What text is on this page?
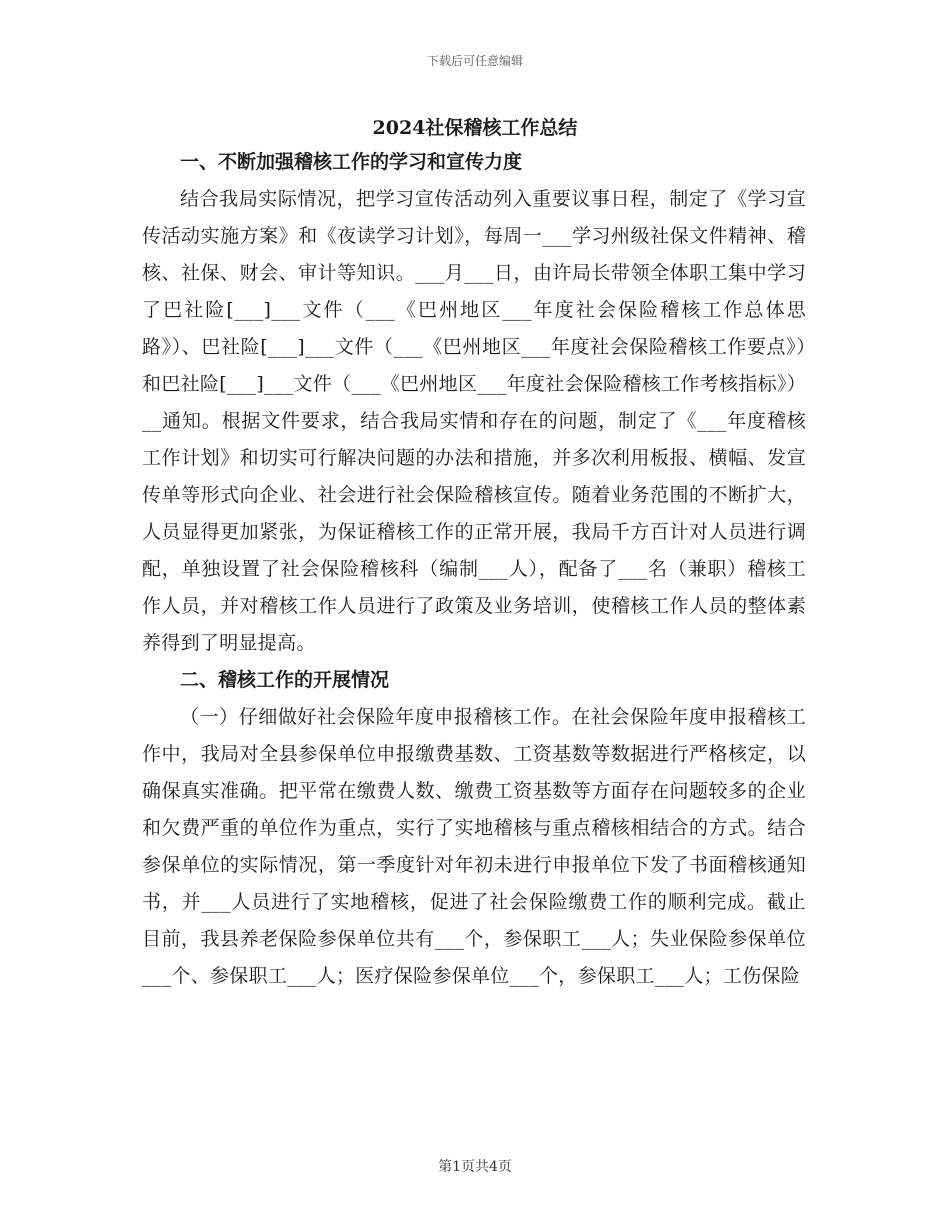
下载后可任意编辑
2024社保稽核工作总结
一、不断加强稽核工作的学习和宣传力度

结合我局实际情况，把学习宣传活动列入重要议事日程，制定了《学习宣传活动实施方案》和《夜读学习计划》，每周一___学习州级社保文件精神、稽核、社保、财会、审计等知识。___月___日，由许局长带领全体职工集中学习了巴社险[___]___文件（___《巴州地区___年度社会保险稽核工作总体思路》）、巴社险[___]___文件（___《巴州地区___年度社会保险稽核工作要点》）和巴社险[___]___文件（___《巴州地区___年度社会保险稽核工作考核指标》）__通知。根据文件要求，结合我局实情和存在的问题，制定了《___年度稽核工作计划》和切实可行解决问题的办法和措施，并多次利用板报、横幅、发宣传单等形式向企业、社会进行社会保险稽核宣传。随着业务范围的不断扩大，人员显得更加紧张，为保证稽核工作的正常开展，我局千方百计对人员进行调配，单独设置了社会保险稽核科（编制___人），配备了___名（兼职）稽核工作人员，并对稽核工作人员进行了政策及业务培训，使稽核工作人员的整体素养得到了明显提高。

二、稽核工作的开展情况

（一）仔细做好社会保险年度申报稽核工作。在社会保险年度申报稽核工作中，我局对全县参保单位申报缴费基数、工资基数等数据进行严格核定，以确保真实准确。把平常在缴费人数、缴费工资基数等方面存在问题较多的企业和欠费严重的单位作为重点，实行了实地稽核与重点稽核相结合的方式。结合参保单位的实际情况，第一季度针对年初未进行申报单位下发了书面稽核通知书，并___人员进行了实地稽核，促进了社会保险缴费工作的顺利完成。截止目前，我县养老保险参保单位共有___个，参保职工___人；失业保险参保单位___个、参保职工___人；医疗保险参保单位___个，参保职工___人；工伤保险

第1页共4页
